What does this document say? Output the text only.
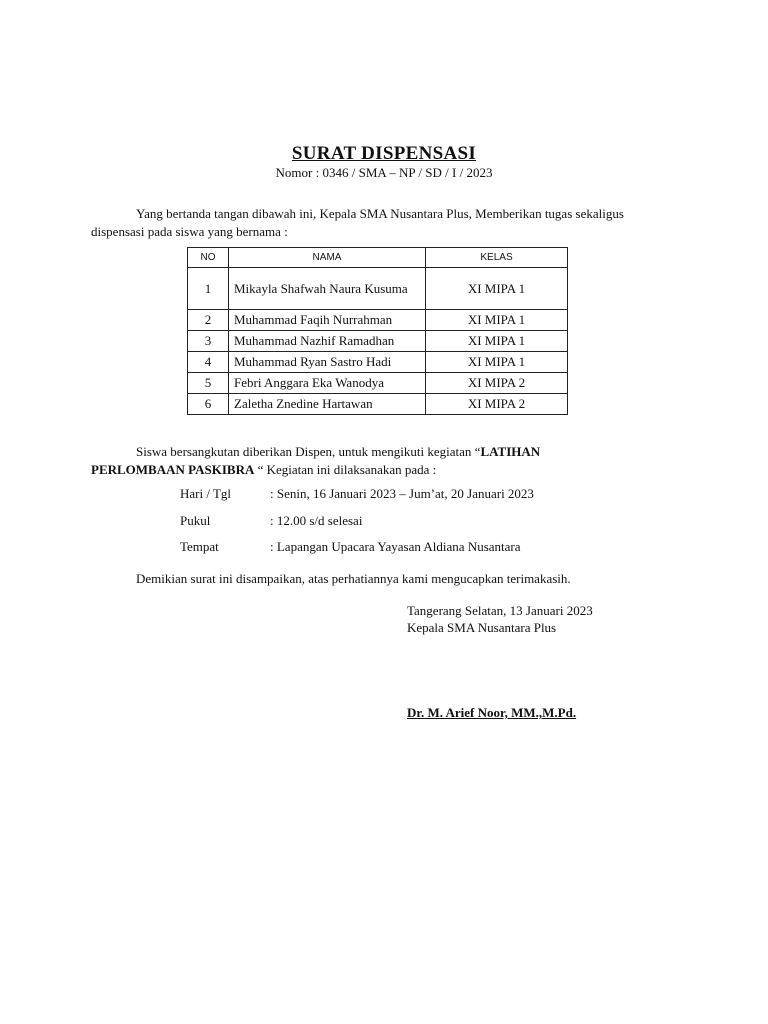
SURAT DISPENSASI
Nomor : 0346 / SMA – NP / SD / I / 2023
Yang bertanda tangan dibawah ini, Kepala SMA Nusantara Plus, Memberikan tugas sekaligus dispensasi pada siswa yang bernama :
NO	NAMA	KELAS
1	Mikayla Shafwah Naura Kusuma	XI MIPA 1
2	Muhammad Faqih Nurrahman	XI MIPA 1
3	Muhammad Nazhif Ramadhan	XI MIPA 1
4	Muhammad Ryan Sastro Hadi	XI MIPA 1
5	Febri Anggara Eka Wanodya	XI MIPA 2
6	Zaletha Znedine Hartawan	XI MIPA 2
Siswa bersangkutan diberikan Dispen, untuk mengikuti kegiatan “LATIHAN PERLOMBAAN PASKIBRA “ Kegiatan ini dilaksanakan pada :
Hari / Tgl	: Senin, 16 Januari 2023 – Jum’at, 20 Januari 2023
Pukul	: 12.00 s/d selesai
Tempat	: Lapangan Upacara Yayasan Aldiana Nusantara
Demikian surat ini disampaikan, atas perhatiannya kami mengucapkan terimakasih.
Tangerang Selatan, 13 Januari 2023
Kepala SMA Nusantara Plus
Dr. M. Arief Noor, MM.,M.Pd.
